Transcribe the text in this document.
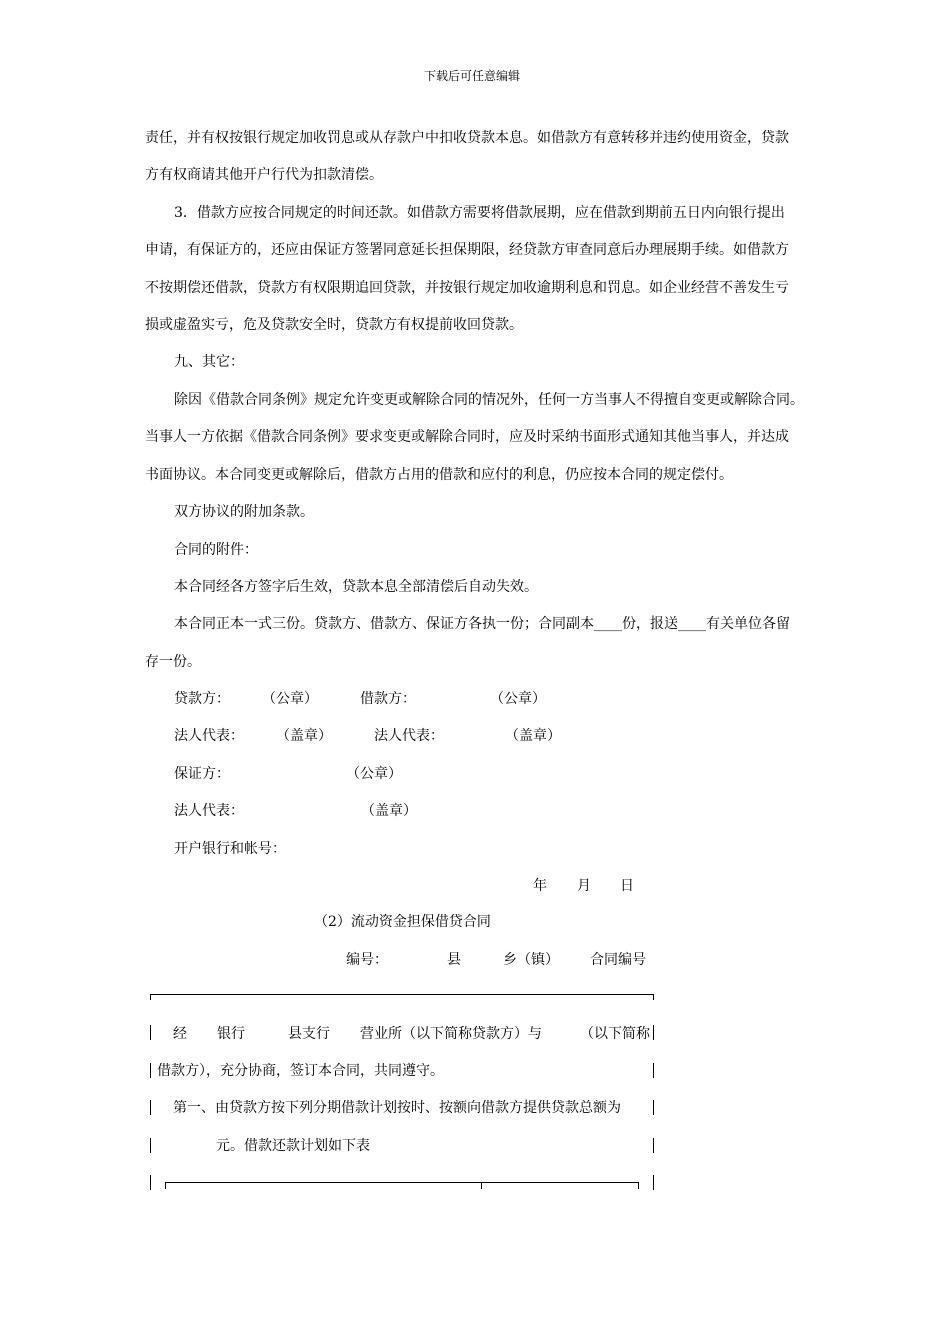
下载后可任意编辑
责任，并有权按银行规定加收罚息或从存款户中扣收贷款本息。如借款方有意转移并违约使用资金，贷款
方有权商请其他开户行代为扣款清偿。
3．借款方应按合同规定的时间还款。如借款方需要将借款展期，应在借款到期前五日内向银行提出
申请，有保证方的，还应由保证方签署同意延长担保期限，经贷款方审查同意后办理展期手续。如借款方
不按期偿还借款，贷款方有权限期追回贷款，并按银行规定加收逾期利息和罚息。如企业经营不善发生亏
损或虚盈实亏，危及贷款安全时，贷款方有权提前收回贷款。
九、其它：
除因《借款合同条例》规定允许变更或解除合同的情况外，任何一方当事人不得擅自变更或解除合同。
当事人一方依据《借款合同条例》要求变更或解除合同时，应及时采纳书面形式通知其他当事人，并达成
书面协议。本合同变更或解除后，借款方占用的借款和应付的利息，仍应按本合同的规定偿付。
双方协议的附加条款。
合同的附件：
本合同经各方签字后生效，贷款本息全部清偿后自动失效。
本合同正本一式三份。贷款方、借款方、保证方各执一份；合同副本____份，报送____有关单位各留
存一份。
贷款方： （公章）	借款方：	（公章）
法人代表： （盖章）	法人代表：	（盖章）
保证方：	（公章）
法人代表：	（盖章）
开户银行和帐号：
年 月 日
（2）流动资金担保借贷合同
编号：	县	乡（镇） 合同编号
经 银行	县支行 营业所（以下简称贷款方）与	（以下简称
借款方），充分协商，签订本合同，共同遵守。
第一、由贷款方按下列分期借款计划按时、按额向借款方提供贷款总额为
元。借款还款计划如下表
